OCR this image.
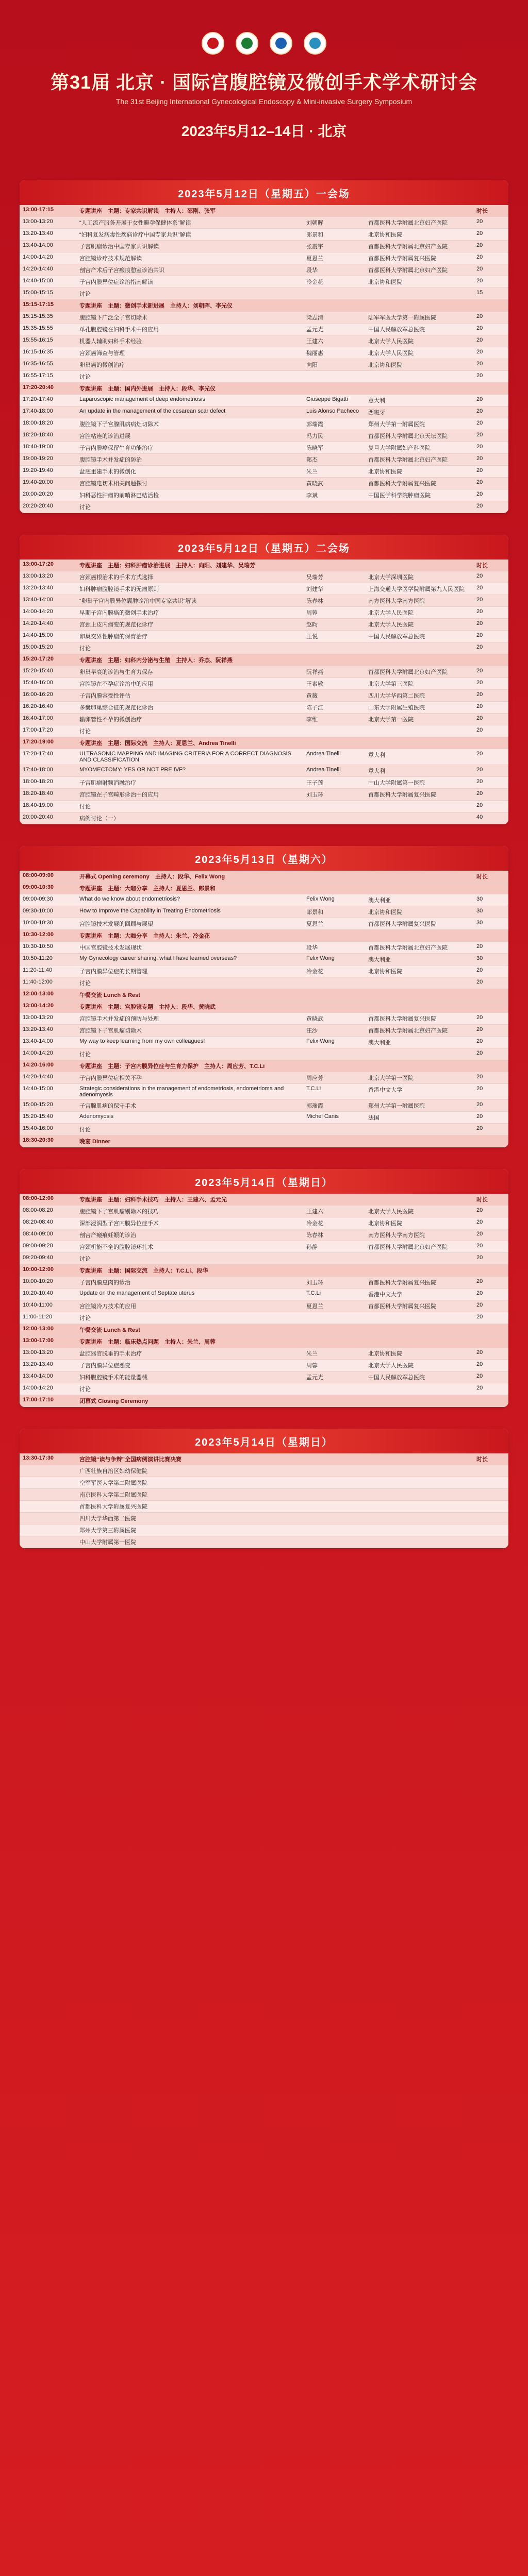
第31届 北京 · 国际宫腹腔镜及微创手术学术研讨会
The 31st Beijing International Gynecological Endoscopy & Mini-invasive Surgery Symposium
2023年5月12–14日 · 北京
2023年5月12日（星期五）一会场
13:00-17:15	专题讲座　主题：专家共识解读　主持人：邵刚、张军			时长
13:00-13:20	“人工流产服务开展于女性避孕保健体系”解读	刘朝晖	首都医科大学附属北京妇产医院	20
13:20-13:40	“妇科复发病毒性疾病诊疗中国专家共识”解读	郎景和	北京协和医院	20
13:40-14:00	子宫肌瘤诊治中国专家共识解读	张震宇	首都医科大学附属北京妇产医院	20
14:00-14:20	宫腔镜诊疗技术规范解读	夏恩兰	首都医科大学附属复兴医院	20
14:20-14:40	剖宫产术后子宫瘢痕憩室诊治共识	段华	首都医科大学附属北京妇产医院	20
14:40-15:00	子宫内膜异位症诊治指南解读	冷金花	北京协和医院	20
15:00-15:15	讨论			15
15:15-17:15	专题讲座　主题：微创手术新进展　主持人：刘朝晖、李光仪			
15:15-15:35	腹腔镜下广泛全子宫切除术	梁志清	陆军军医大学第一附属医院	20
15:35-15:55	单孔腹腔镜在妇科手术中的应用	孟元光	中国人民解放军总医院	20
15:55-16:15	机器人辅助妇科手术经验	王建六	北京大学人民医院	20
16:15-16:35	宫颈癌筛查与管理	魏丽惠	北京大学人民医院	20
16:35-16:55	卵巢癌的微创治疗	向阳	北京协和医院	20
16:55-17:15	讨论			20
17:20-20:40	专题讲座　主题：国内外进展　主持人：段华、李光仪			
17:20-17:40	Laparoscopic management of deep endometriosis	Giuseppe Bigatti	意大利	20
17:40-18:00	An update in the management of the cesarean scar defect	Luis Alonso Pacheco	西班牙	20
18:00-18:20	腹腔镜下子宫腺肌病病灶切除术	郭瑞霞	郑州大学第一附属医院	20
18:20-18:40	宫腔粘连的诊治进展	冯力民	首都医科大学附属北京天坛医院	20
18:40-19:00	子宫内膜癌保留生育功能治疗	陈晓军	复旦大学附属妇产科医院	20
19:00-19:20	腹腔镜手术并发症的防治	郑杰	首都医科大学附属北京妇产医院	20
19:20-19:40	盆底重建手术的微创化	朱兰	北京协和医院	20
19:40-20:00	宫腔镜电切术相关问题探讨	黄晓武	首都医科大学附属复兴医院	20
20:00-20:20	妇科恶性肿瘤的前哨淋巴结活检	李斌	中国医学科学院肿瘤医院	20
20:20-20:40	讨论			20
2023年5月12日（星期五）二会场
13:00-17:20	专题讲座　主题：妇科肿瘤诊治进展　主持人：向阳、刘建华、吴瑞芳			时长
13:00-13:20	宫颈癌根治术的手术方式选择	吴瑞芳	北京大学深圳医院	20
13:20-13:40	妇科肿瘤腹腔镜手术的无瘤原则	刘建华	上海交通大学医学院附属第九人民医院	20
13:40-14:00	“卵巢子宫内膜异位囊肿诊治中国专家共识”解读	陈春林	南方医科大学南方医院	20
14:00-14:20	早期子宫内膜癌的微创手术治疗	周蓉	北京大学人民医院	20
14:20-14:40	宫颈上皮内瘤变的规范化诊疗	赵昀	北京大学人民医院	20
14:40-15:00	卵巢交界性肿瘤的保育治疗	王悦	中国人民解放军总医院	20
15:00-15:20	讨论			20
15:20-17:20	专题讲座　主题：妇科内分泌与生殖　主持人：乔杰、阮祥燕			
15:20-15:40	卵巢早衰的诊治与生育力保存	阮祥燕	首都医科大学附属北京妇产医院	20
15:40-16:00	宫腔镜在不孕症诊治中的应用	王素敏	北京大学第三医院	20
16:00-16:20	子宫内膜容受性评估	黄薇	四川大学华西第二医院	20
16:20-16:40	多囊卵巢综合征的规范化诊治	陈子江	山东大学附属生殖医院	20
16:40-17:00	输卵管性不孕的微创治疗	李维	北京大学第一医院	20
17:00-17:20	讨论			20
17:20-19:00	专题讲座　主题：国际交流　主持人：夏恩兰、Andrea Tinelli			
17:20-17:40	ULTRASONIC MAPPING AND IMAGING CRITERIA FOR A CORRECT DIAGNOSIS AND CLASSIFICATION	Andrea Tinelli	意大利	20
17:40-18:00	MYOMECTOMY: YES OR NOT PRE IVF?	Andrea Tinelli	意大利	20
18:00-18:20	子宫肌瘤射频消融治疗	王子莲	中山大学附属第一医院	20
18:20-18:40	宫腔镜在子宫畸形诊治中的应用	刘玉环	首都医科大学附属复兴医院	20
18:40-19:00	讨论			20
20:00-20:40	病例讨论（一）			40
2023年5月13日（星期六）
08:00-09:00	开幕式 Opening ceremony　主持人：段华、Felix Wong			时长
09:00-10:30	专题讲座　主题：大咖分享　主持人：夏恩兰、郎景和			
09:00-09:30	What do we know about endometriosis?	Felix Wong	澳大利亚	30
09:30-10:00	How to Improve the Capability in Treating Endometriosis	郎景和	北京协和医院	30
10:00-10:30	宫腔镜技术发展的回顾与展望	夏恩兰	首都医科大学附属复兴医院	30
10:30-12:00	专题讲座　主题：大咖分享　主持人：朱兰、冷金花			
10:30-10:50	中国宫腔镜技术发展现状	段华	首都医科大学附属北京妇产医院	20
10:50-11:20	My Gynecology career sharing: what I have learned overseas?	Felix Wong	澳大利亚	30
11:20-11:40	子宫内膜异位症的长期管理	冷金花	北京协和医院	20
11:40-12:00	讨论			20
12:00-13:00	午餐交流 Lunch & Rest			
13:00-14:20	专题讲座　主题：宫腔镜专题　主持人：段华、黄晓武			
13:00-13:20	宫腔镜手术并发症的预防与处理	黄晓武	首都医科大学附属复兴医院	20
13:20-13:40	宫腔镜下子宫肌瘤切除术	汪沙	首都医科大学附属北京妇产医院	20
13:40-14:00	My way to keep learning from my own colleagues!	Felix Wong	澳大利亚	20
14:00-14:20	讨论			20
14:20-16:00	专题讲座　主题：子宫内膜异位症与生育力保护　主持人：周应芳、T.C.Li			
14:20-14:40	子宫内膜异位症相关不孕	周应芳	北京大学第一医院	20
14:40-15:00	Strategic considerations in the management of endometriosis, endometrioma and adenomyosis	T.C.Li	香港中文大学	20
15:00-15:20	子宫腺肌病的保守手术	郭瑞霞	郑州大学第一附属医院	20
15:20-15:40	Adenomyosis	Michel Canis	法国	20
15:40-16:00	讨论			20
18:30-20:30	晚宴 Dinner			
2023年5月14日（星期日）
08:00-12:00	专题讲座　主题：妇科手术技巧　主持人：王建六、孟元光			时长
08:00-08:20	腹腔镜下子宫肌瘤剔除术的技巧	王建六	北京大学人民医院	20
08:20-08:40	深部浸润型子宫内膜异位症手术	冷金花	北京协和医院	20
08:40-09:00	剖宫产瘢痕妊娠的诊治	陈春林	南方医科大学南方医院	20
09:00-09:20	宫颈机能不全的腹腔镜环扎术	孙静	首都医科大学附属北京妇产医院	20
09:20-09:40	讨论			20
10:00-12:00	专题讲座　主题：国际交流　主持人：T.C.Li、段华			
10:00-10:20	子宫内膜息肉的诊治	刘玉环	首都医科大学附属复兴医院	20
10:20-10:40	Update on the management of Septate uterus	T.C.Li	香港中文大学	20
10:40-11:00	宫腔镜冷刀技术的应用	夏恩兰	首都医科大学附属复兴医院	20
11:00-11:20	讨论			20
12:00-13:00	午餐交流 Lunch & Rest			
13:00-17:00	专题讲座　主题：临床热点问题　主持人：朱兰、周蓉			
13:00-13:20	盆腔器官脱垂的手术治疗	朱兰	北京协和医院	20
13:20-13:40	子宫内膜异位症恶变	周蓉	北京大学人民医院	20
13:40-14:00	妇科腹腔镜手术的能量器械	孟元光	中国人民解放军总医院	20
14:00-14:20	讨论			20
17:00-17:10	闭幕式 Closing Ceremony			
2023年5月14日（星期日）
13:30-17:30	宫腔镜“读与争辩”全国病例演讲比赛决赛			时长
	广西壮族自治区妇幼保健院			
	空军军医大学第二附属医院			
	南京医科大学第二附属医院			
	首都医科大学附属复兴医院			
	四川大学华西第二医院			
	郑州大学第三附属医院			
	中山大学附属第一医院			
